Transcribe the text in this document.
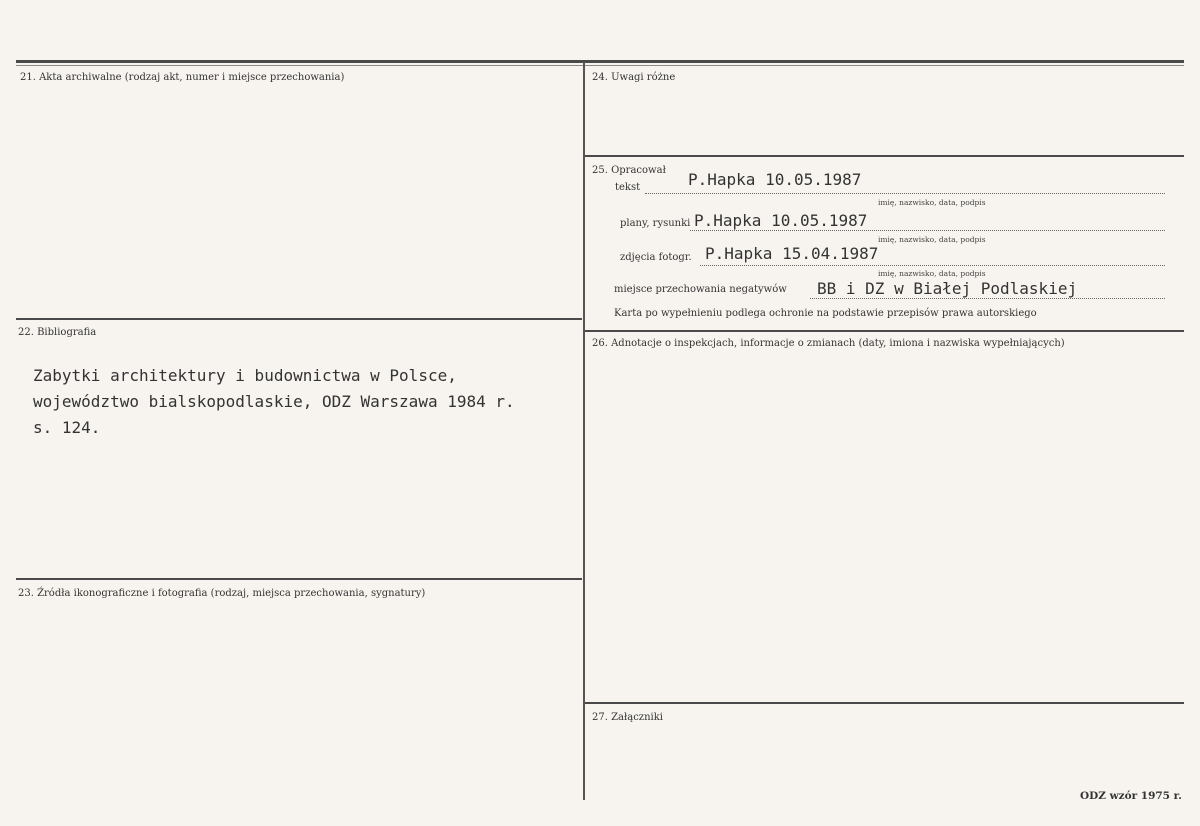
21. Akta archiwalne (rodzaj akt, numer i miejsce przechowania)
22. Bibliografia
Zabytki architektury i budownictwa w Polsce,
województwo bialskopodlaskie, ODZ Warszawa 1984 r.
s. 124.
23. Źródła ikonograficzne i fotografia (rodzaj, miejsca przechowania, sygnatury)
24. Uwagi różne
25. Opracował
tekst	P.Hapka 10.05.1987
imię, nazwisko, data, podpis
plany, rysunki P.Hapka 10.05.1987
imię, nazwisko, data, podpis
zdjęcia fotogr. P.Hapka 15.04.1987
imię, nazwisko, data, podpis
miejsce przechowania negatywów BB i DZ w Białej Podlaskiej
Karta po wypełnieniu podlega ochronie na podstawie przepisów prawa autorskiego
26. Adnotacje o inspekcjach, informacje o zmianach (daty, imiona i nazwiska wypełniających)
27. Załączniki
ODZ wzór 1975 r.
